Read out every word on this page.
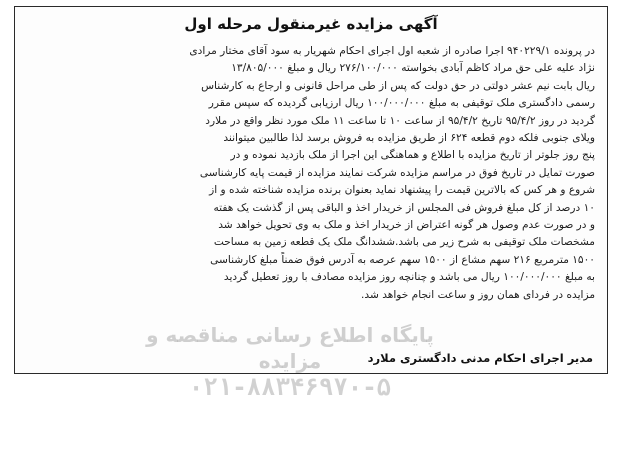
آگهی مزایده غیرمنقول مرحله اول
در پرونده ۹۴۰۲۲۹/۱ اجرا صادره از شعبه اول اجرای احکام شهریار به سود آقای مختار مرادی
نژاد علیه علی حق مراد کاظم آبادی بخواسته ۲۷۶/۱۰۰/۰۰۰ ریال و مبلغ ۱۳/۸۰۵/۰۰۰
ریال بابت نیم عشر دولتی در حق دولت که پس از طی مراحل قانونی و ارجاع به کارشناس
رسمی دادگستری ملک توقیفی به مبلغ ۱۰۰/۰۰۰/۰۰۰ ریال ارزیابی گردیده که سپس مقرر
گردید در روز ۹۵/۴/۲ تاریخ ۹۵/۴/۲ از ساعت ۱۰ تا ساعت ۱۱ ملک مورد نظر واقع در ملارد
ویلای جنوبی فلکه دوم قطعه ۶۲۴ از طریق مزایده به فروش برسد لذا طالبین میتوانند
پنج روز جلوتر از تاریخ مزایده با اطلاع و هماهنگی این اجرا از ملک بازدید نموده و در
صورت تمایل در تاریخ فوق در مراسم مزایده شرکت نمایند مزایده از قیمت پایه کارشناسی
شروع و هر کس که بالاترین قیمت را پیشنهاد نماید بعنوان برنده مزایده شناخته شده و از
۱۰ درصد از کل مبلغ فروش فی المجلس از خریدار اخذ و الباقی پس از گذشت یک هفته
و در صورت عدم وصول هر گونه اعتراض از خریدار اخذ و ملک به وی تحویل خواهد شد
مشخصات ملک توقیفی به شرح زیر می باشد.ششدانگ ملک یک قطعه زمین به مساحت
۱۵۰۰ مترمربع ۲۱۶ سهم مشاع از ۱۵۰۰ سهم عرصه به آدرس فوق ضمناً مبلغ کارشناسی
به مبلغ ۱۰۰/۰۰۰/۰۰۰ ریال می باشد و چنانچه روز مزایده مصادف با روز تعطیل گردید
مزایده در فردای همان روز و ساعت انجام خواهد شد.
مدیر اجرای احکام مدنی دادگستری ملارد
پایگاه اطلاع رسانی مناقصه و مزایده
۰۲۱-۸۸۳۴۶۹۷۰-۵
